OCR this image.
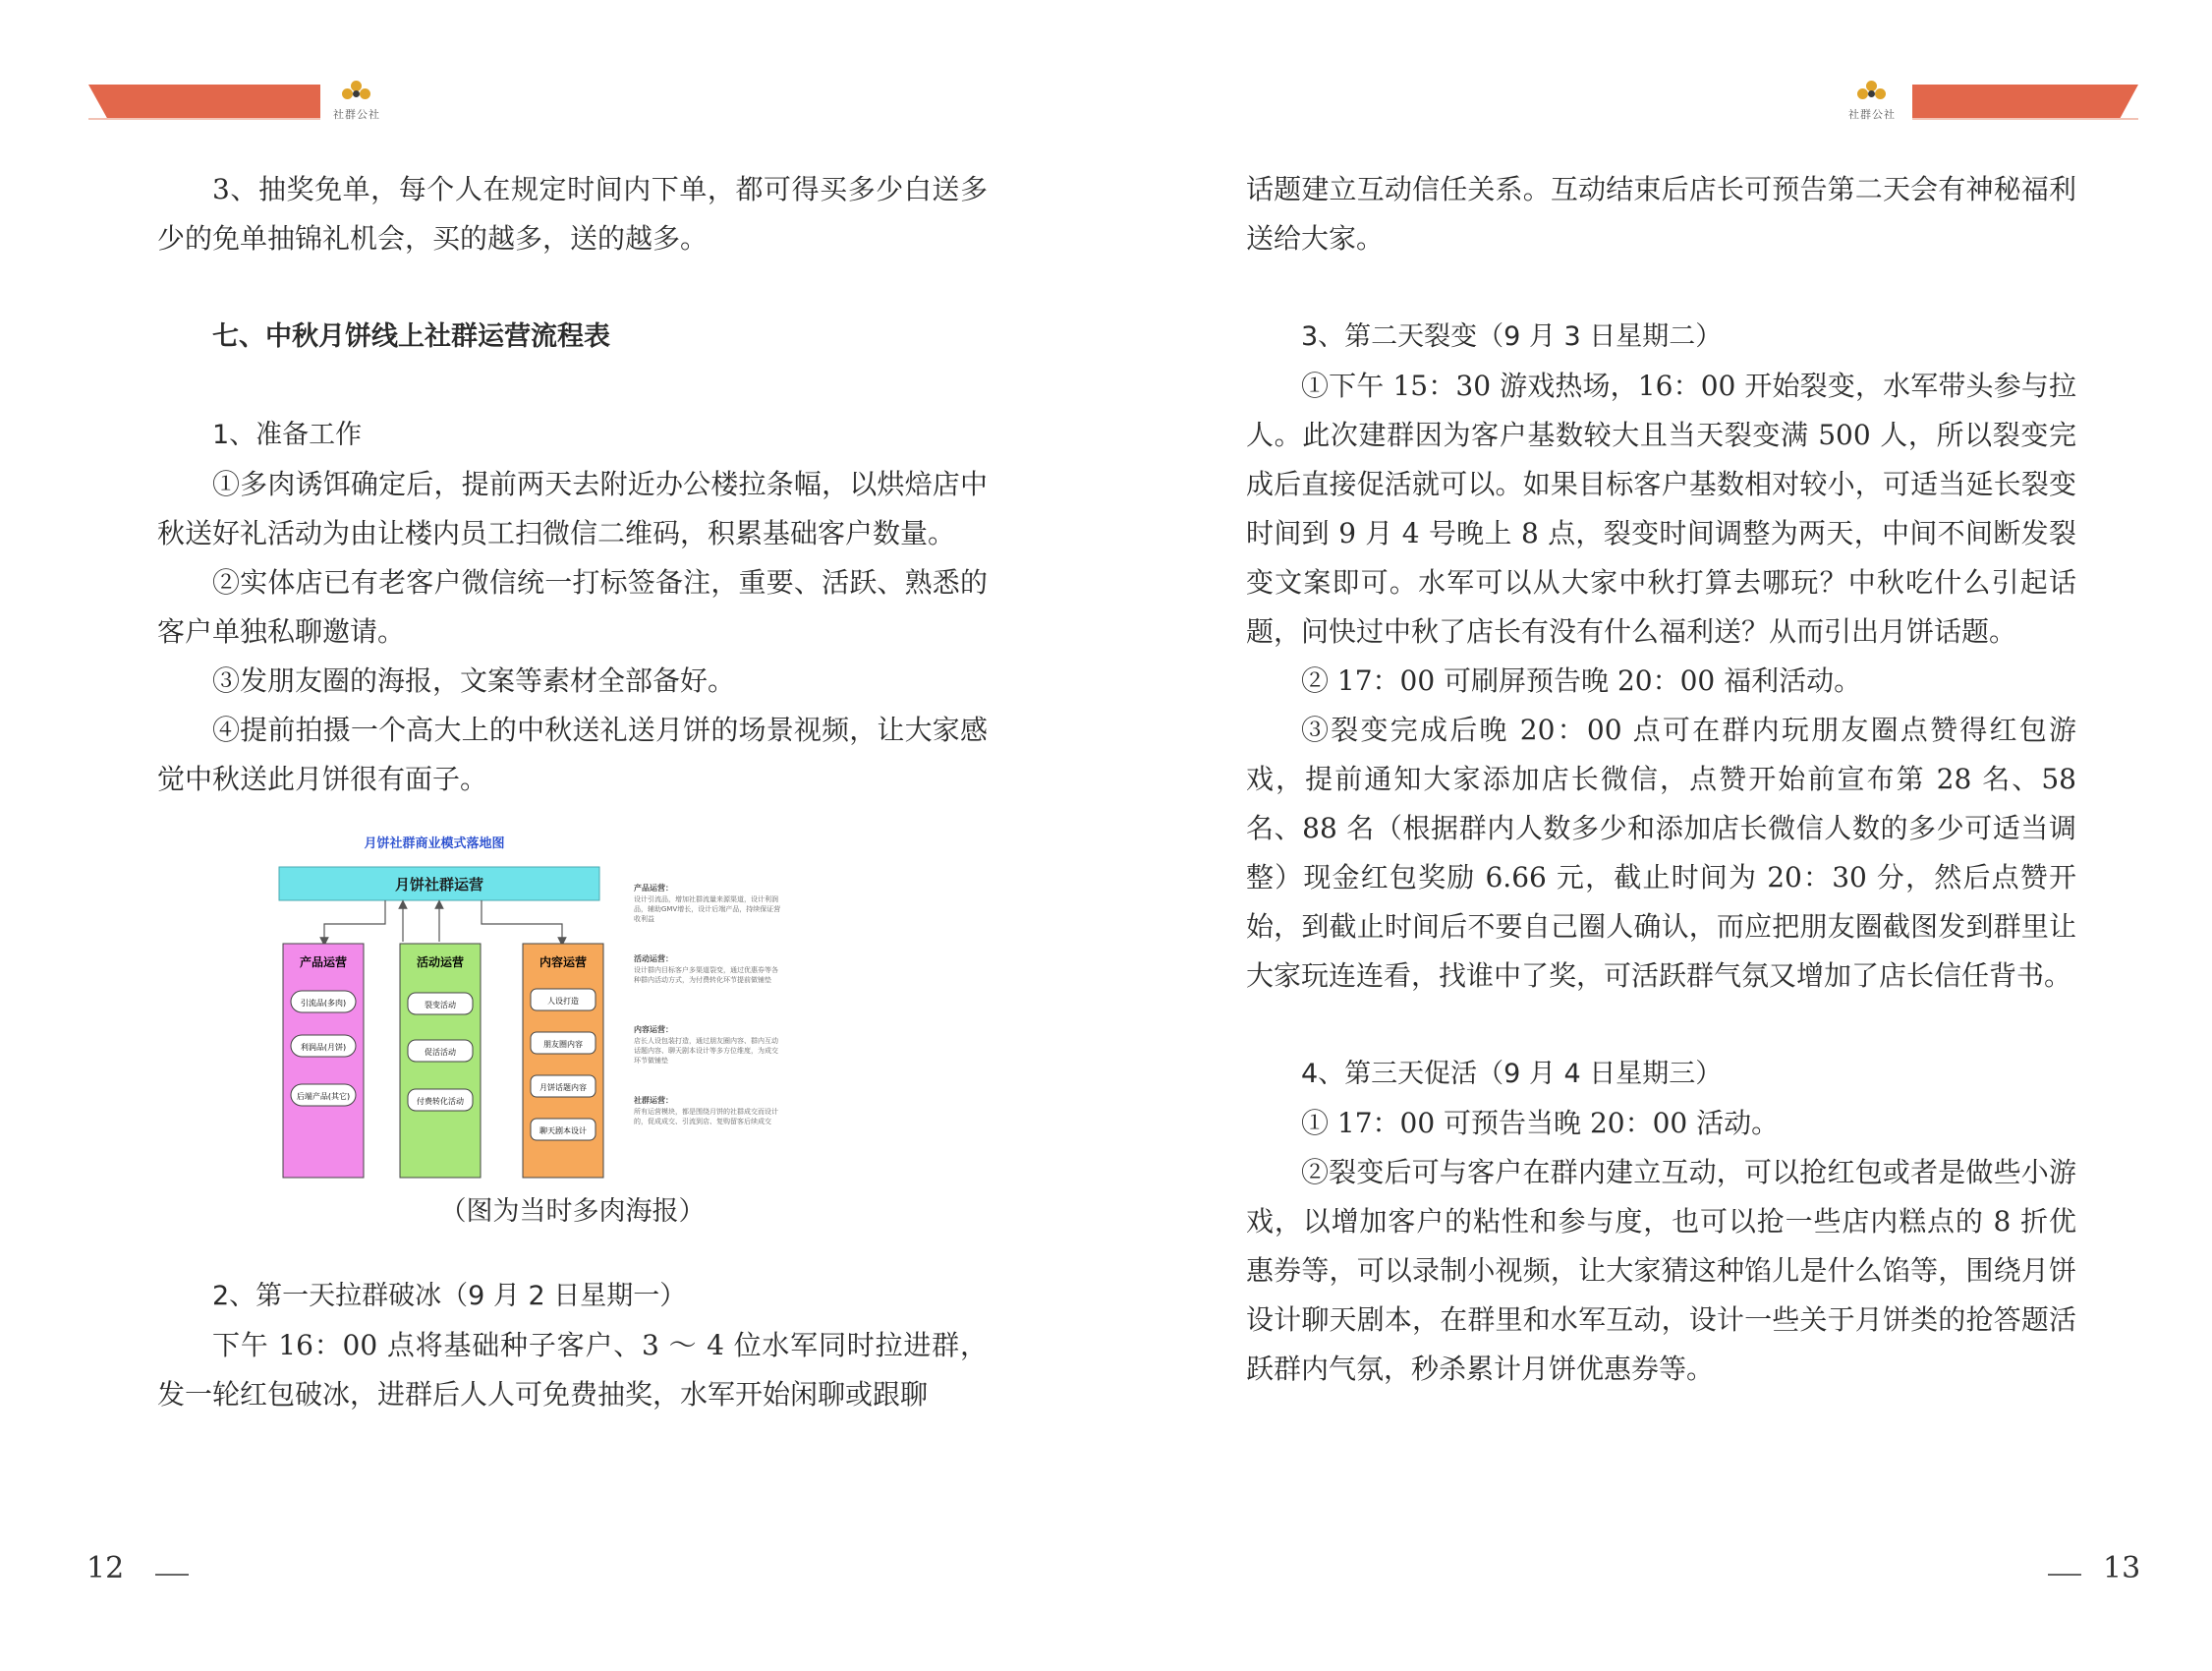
社群公社	社群公社

3、抽奖免单，每个人在规定时间内下单，都可得买多少白送多少的免单抽锦礼机会，买的越多，送的越多。

七、中秋月饼线上社群运营流程表

1、准备工作

①多肉诱饵确定后，提前两天去附近办公楼拉条幅，以烘焙店中秋送好礼活动为由让楼内员工扫微信二维码，积累基础客户数量。

②实体店已有老客户微信统一打标签备注，重要、活跃、熟悉的客户单独私聊邀请。

③发朋友圈的海报，文案等素材全部备好。

④提前拍摄一个高大上的中秋送礼送月饼的场景视频，让大家感觉中秋送此月饼很有面子。

月饼社群商业模式落地图
月饼社群运营
产品运营
引流品(多肉)
利润品(月饼)
后端产品(其它)
活动运营
裂变活动
促活活动
付费转化活动
内容运营
人设打造
朋友圈内容
月饼话题内容
聊天剧本设计
产品运营：
设计引流品，增加社群流量来源渠道，设计利润品，辅助GMV增长，设计后端产品，持续保证营收利益
活动运营：
设计群内目标客户多渠道裂变，通过优惠券等各种群内活动方式，为付费转化环节提前做铺垫
内容运营：
店长人设包装打造，通过朋友圈内容、群内互动话题内容、聊天剧本设计等多方位维度，为成交环节做铺垫
社群运营：
所有运营模块，都是围绕月饼的社群成交而设计的，促成成交、引流到店、复购留客后续成交

（图为当时多肉海报）

2、第一天拉群破冰（9 月 2 日星期一）

下午 16：00 点将基础种子客户、3 ～ 4 位水军同时拉进群，发一轮红包破冰，进群后人人可免费抽奖，水军开始闲聊或跟聊

话题建立互动信任关系。互动结束后店长可预告第二天会有神秘福利送给大家。

3、第二天裂变（9 月 3 日星期二）

①下午 15：30 游戏热场，16：00 开始裂变，水军带头参与拉人。此次建群因为客户基数较大且当天裂变满 500 人，所以裂变完成后直接促活就可以。如果目标客户基数相对较小，可适当延长裂变时间到 9 月 4 号晚上 8 点，裂变时间调整为两天，中间不间断发裂变文案即可。水军可以从大家中秋打算去哪玩？中秋吃什么引起话题，问快过中秋了店长有没有什么福利送？从而引出月饼话题。

② 17：00 可刷屏预告晚 20：00 福利活动。

③裂变完成后晚 20：00 点可在群内玩朋友圈点赞得红包游戏，提前通知大家添加店长微信，点赞开始前宣布第 28 名、58 名、88 名（根据群内人数多少和添加店长微信人数的多少可适当调整）现金红包奖励 6.66 元，截止时间为 20：30 分，然后点赞开始，到截止时间后不要自己圈人确认，而应把朋友圈截图发到群里让大家玩连连看，找谁中了奖，可活跃群气氛又增加了店长信任背书。

4、第三天促活（9 月 4 日星期三）

① 17：00 可预告当晚 20：00 活动。

②裂变后可与客户在群内建立互动，可以抢红包或者是做些小游戏，以增加客户的粘性和参与度，也可以抢一些店内糕点的 8 折优惠券等，可以录制小视频，让大家猜这种馅儿是什么馅等，围绕月饼设计聊天剧本，在群里和水军互动，设计一些关于月饼类的抢答题活跃群内气氛，秒杀累计月饼优惠券等。

12	13
